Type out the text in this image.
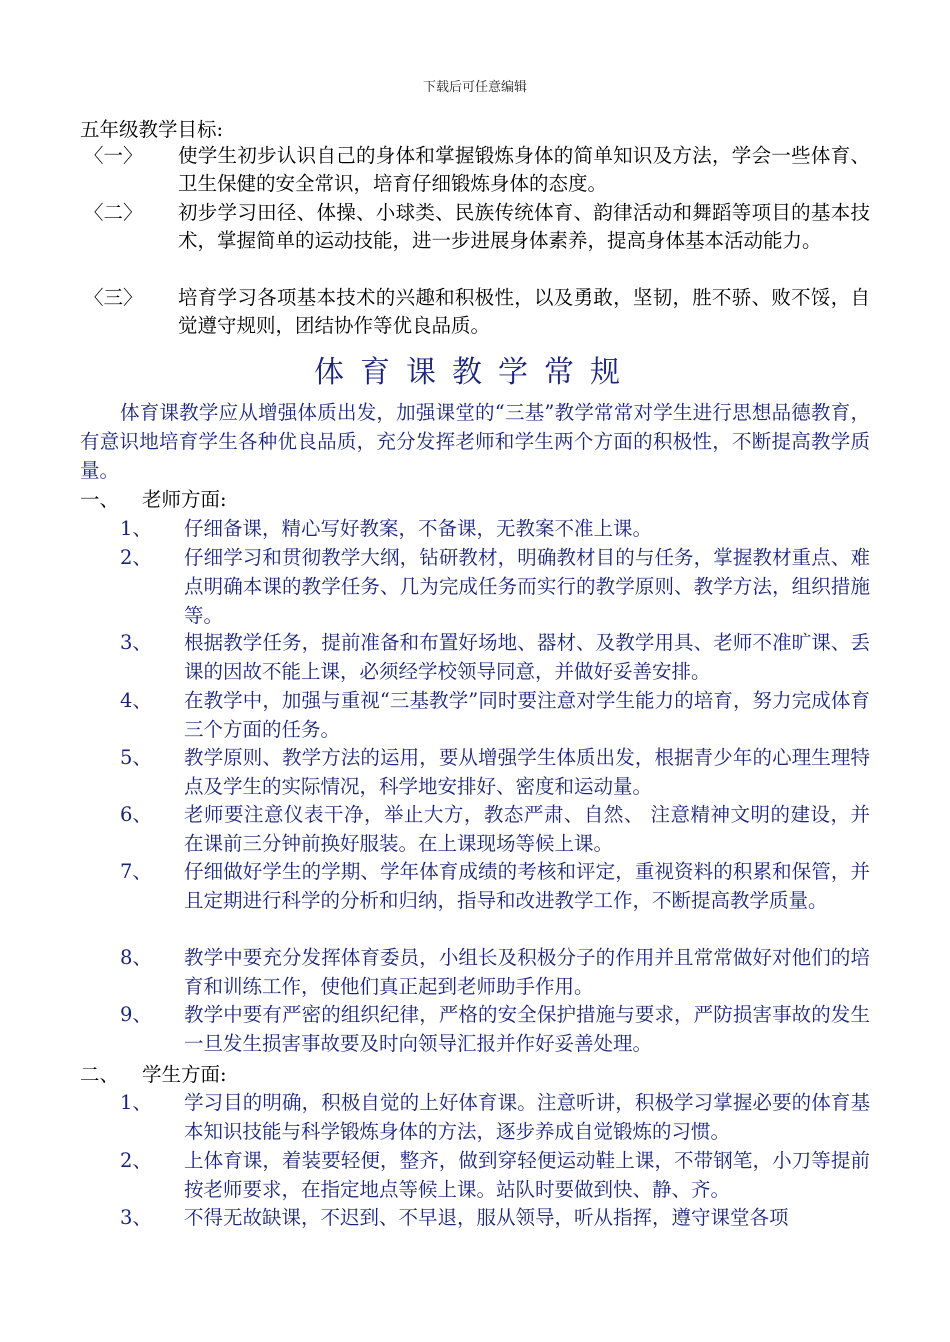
下载后可任意编辑
五年级教学目标:
〈一〉 使学生初步认识自己的身体和掌握锻炼身体的简单知识及方法，学会一些体育、卫生保健的安全常识，培育仔细锻炼身体的态度。
〈二〉 初步学习田径、体操、小球类、民族传统体育、韵律活动和舞蹈等项目的基本技术，掌握简单的运动技能，进一步进展身体素养，提高身体基本活动能力。
〈三〉 培育学习各项基本技术的兴趣和积极性，以及勇敢，坚韧，胜不骄、败不馁，自觉遵守规则，团结协作等优良品质。
体育课教学常规
体育课教学应从增强体质出发，加强课堂的“三基”教学常常对学生进行思想品德教育，有意识地培育学生各种优良品质，充分发挥老师和学生两个方面的积极性，不断提高教学质量。
一、 老师方面:
1、 仔细备课，精心写好教案，不备课，无教案不准上课。
2、 仔细学习和贯彻教学大纲，钻研教材，明确教材目的与任务，掌握教材重点、难点明确本课的教学任务、几为完成任务而实行的教学原则、教学方法，组织措施等。
3、 根据教学任务，提前准备和布置好场地、器材、及教学用具、老师不准旷课、丢课的因故不能上课，必须经学校领导同意，并做好妥善安排。
4、 在教学中，加强与重视“三基教学”同时要注意对学生能力的培育，努力完成体育三个方面的任务。
5、 教学原则、教学方法的运用，要从增强学生体质出发，根据青少年的心理生理特点及学生的实际情况，科学地安排好、密度和运动量。
6、 老师要注意仪表干净，举止大方，教态严肃、自然、 注意精神文明的建设，并在课前三分钟前换好服装。在上课现场等候上课。
7、 仔细做好学生的学期、学年体育成绩的考核和评定，重视资料的积累和保管，并且定期进行科学的分析和归纳，指导和改进教学工作，不断提高教学质量。
8、 教学中要充分发挥体育委员，小组长及积极分子的作用并且常常做好对他们的培育和训练工作，使他们真正起到老师助手作用。
9、 教学中要有严密的组织纪律，严格的安全保护措施与要求，严防损害事故的发生一旦发生损害事故要及时向领导汇报并作好妥善处理。
二、 学生方面:
1、 学习目的明确，积极自觉的上好体育课。注意听讲，积极学习掌握必要的体育基本知识技能与科学锻炼身体的方法，逐步养成自觉锻炼的习惯。
2、 上体育课，着装要轻便，整齐，做到穿轻便运动鞋上课，不带钢笔，小刀等提前按老师要求，在指定地点等候上课。站队时要做到快、静、齐。
3、 不得无故缺课，不迟到、不早退，服从领导，听从指挥，遵守课堂各项
